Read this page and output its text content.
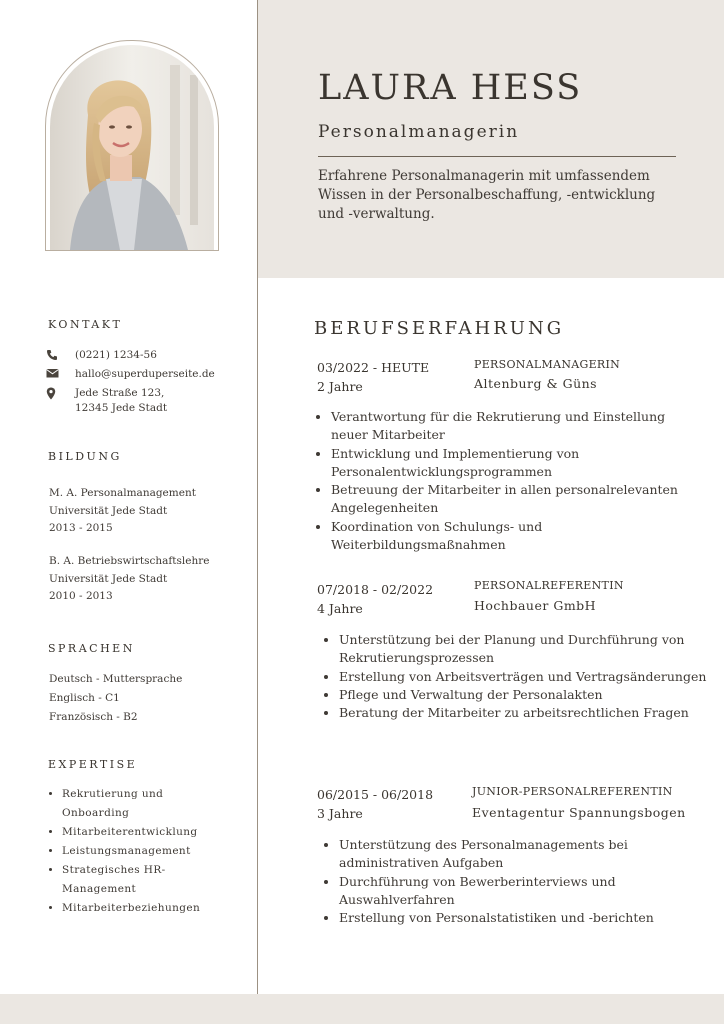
LAURA HESS
Personalmanagerin
Erfahrene Personalmanagerin mit umfassendem Wissen in der Personalbeschaffung, -entwicklung und -verwaltung.
KONTAKT
(0221) 1234-56
hallo@superduperseite.de
Jede Straße 123,
12345 Jede Stadt
BILDUNG
M. A. Personalmanagement
Universität Jede Stadt
2013 - 2015
B. A. Betriebswirtschaftslehre
Universität Jede Stadt
2010 - 2013
SPRACHEN
Deutsch - Muttersprache
Englisch - C1
Französisch - B2
EXPERTISE
• Rekrutierung und Onboarding
• Mitarbeiterentwicklung
• Leistungsmanagement
• Strategisches HR-Management
• Mitarbeiterbeziehungen
BERUFSERFAHRUNG
03/2022 - HEUTE
2 Jahre
PERSONALMANAGERIN
Altenburg & Güns
• Verantwortung für die Rekrutierung und Einstellung neuer Mitarbeiter
• Entwicklung und Implementierung von Personalentwicklungsprogrammen
• Betreuung der Mitarbeiter in allen personalrelevanten Angelegenheiten
• Koordination von Schulungs- und Weiterbildungsmaßnahmen
07/2018 - 02/2022
4 Jahre
PERSONALREFERENTIN
Hochbauer GmbH
• Unterstützung bei der Planung und Durchführung von Rekrutierungsprozessen
• Erstellung von Arbeitsverträgen und Vertragsänderungen
• Pflege und Verwaltung der Personalakten
• Beratung der Mitarbeiter zu arbeitsrechtlichen Fragen
06/2015 - 06/2018
3 Jahre
JUNIOR-PERSONALREFERENTIN
Eventagentur Spannungsbogen
• Unterstützung des Personalmanagements bei administrativen Aufgaben
• Durchführung von Bewerberinterviews und Auswahlverfahren
• Erstellung von Personalstatistiken und -berichten
